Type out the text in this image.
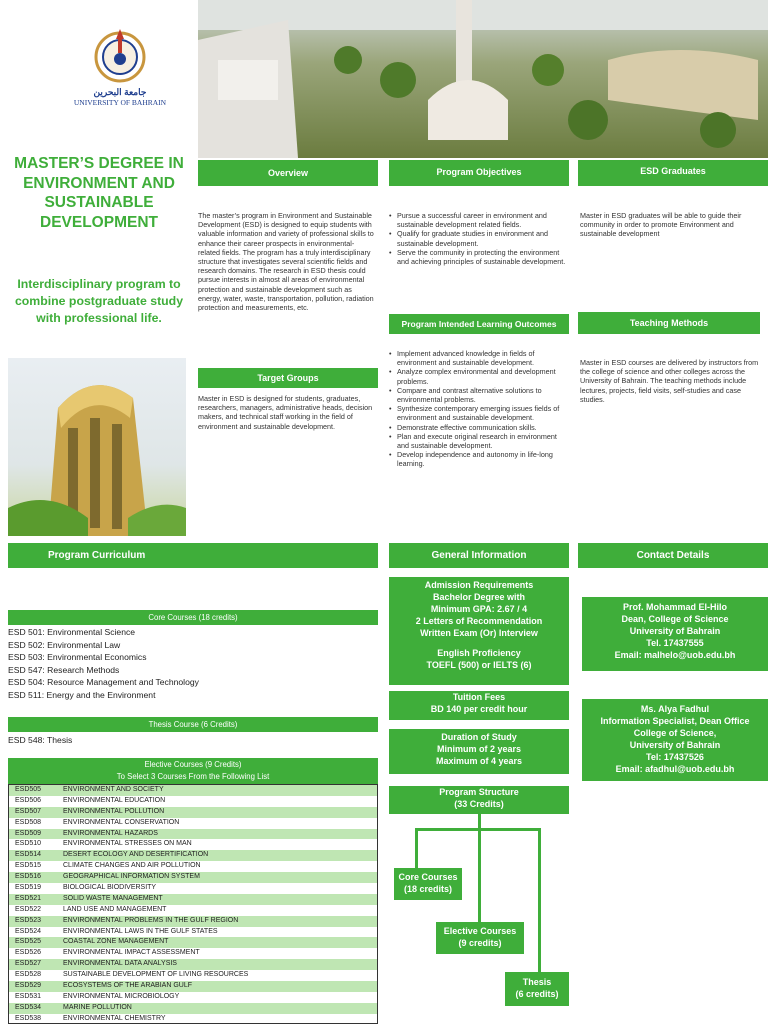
جامعة البحرين
UNIVERSITY OF BAHRAIN
MASTER’S DEGREE IN ENVIRONMENT AND SUSTAINABLE DEVELOPMENT
Interdisciplinary program to combine postgraduate study with professional life.
Overview	Program Objectives	ESD Graduates
The master’s program in Environment and Sustainable Development (ESD) is designed to equip students with valuable information and variety of professional skills to enhance their career prospects in environmental-related fields. The program has a truly interdisciplinary structure that investigates several scientific fields and research domains. The research in ESD thesis could pursue interests in almost all areas of environmental protection and sustainable development such as energy, water, waste, transportation, pollution, radiation protection and measurements, etc.
Target Groups
Master in ESD is designed for students, graduates, researchers, managers, administrative heads, decision makers, and technical staff working in the field of environment and sustainable development.
• Pursue a successful career in environment and sustainable development related fields.
• Qualify for graduate studies in environment and sustainable development.
• Serve the community in protecting the environment and achieving principles of sustainable development.
Program Intended Learning Outcomes
• Implement advanced knowledge in fields of environment and sustainable development.
• Analyze complex environmental and development problems.
• Compare and contrast alternative solutions to environmental problems.
• Synthesize contemporary emerging issues fields of environment and sustainable development.
• Demonstrate effective communication skills.
• Plan and execute original research in environment and sustainable development.
• Develop independence and autonomy in life-long learning.
Master in ESD graduates will be able to guide their community in order to promote Environment and sustainable development
Teaching Methods
Master in ESD courses are delivered by instructors from the college of science and other colleges across the University of Bahrain. The teaching methods include lectures, projects, field visits, self-studies and case studies.
Program Curriculum	General Information	Contact Details
Core Courses (18 credits)
ESD 501: Environmental Science
ESD 502: Environmental Law
ESD 503: Environmental Economics
ESD 547: Research Methods
ESD 504: Resource Management and Technology
ESD 511: Energy and the Environment
Thesis Course (6 Credits)
ESD 548: Thesis
Elective Courses (9 Credits)
To Select 3 Courses From the Following List
ESD505	ENVIRONMENT AND SOCIETY
ESD506	ENVIRONMENTAL EDUCATION
ESD507	ENVIRONMENTAL POLLUTION
ESD508	ENVIRONMENTAL CONSERVATION
ESD509	ENVIRONMENTAL HAZARDS
ESD510	ENVIRONMENTAL STRESSES ON MAN
ESD514	DESERT ECOLOGY AND DESERTIFICATION
ESD515	CLIMATE CHANGES AND AIR POLLUTION
ESD516	GEOGRAPHICAL INFORMATION SYSTEM
ESD519	BIOLOGICAL BIODIVERSITY
ESD521	SOLID WASTE MANAGEMENT
ESD522	LAND USE AND MANAGEMENT
ESD523	ENVIRONMENTAL PROBLEMS IN THE GULF REGION
ESD524	ENVIRONMENTAL LAWS IN THE GULF STATES
ESD525	COASTAL ZONE MANAGEMENT
ESD526	ENVIRONMENTAL IMPACT ASSESSMENT
ESD527	ENVIRONMENTAL DATA ANALYSIS
ESD528	SUSTAINABLE DEVELOPMENT OF LIVING RESOURCES
ESD529	ECOSYSTEMS OF THE ARABIAN GULF
ESD531	ENVIRONMENTAL MICROBIOLOGY
ESD534	MARINE POLLUTION
ESD538	ENVIRONMENTAL CHEMISTRY
Admission Requirements
Bachelor Degree with
Minimum GPA: 2.67 / 4
2 Letters of Recommendation
Written Exam (Or) Interview
English Proficiency
TOEFL (500) or IELTS (6)
Tuition Fees
BD 140 per credit hour
Duration of Study
Minimum of 2 years
Maximum of 4 years
Program Structure
(33 Credits)
Core Courses
(18 credits)
Elective Courses
(9 credits)
Thesis
(6 credits)
Prof. Mohammad El-Hilo
Dean, College of Science
University of Bahrain
Tel. 17437555
Email: malhelo@uob.edu.bh
Ms. Alya Fadhul
Information Specialist, Dean Office
College of Science,
University of Bahrain
Tel: 17437526
Email: afadhul@uob.edu.bh
